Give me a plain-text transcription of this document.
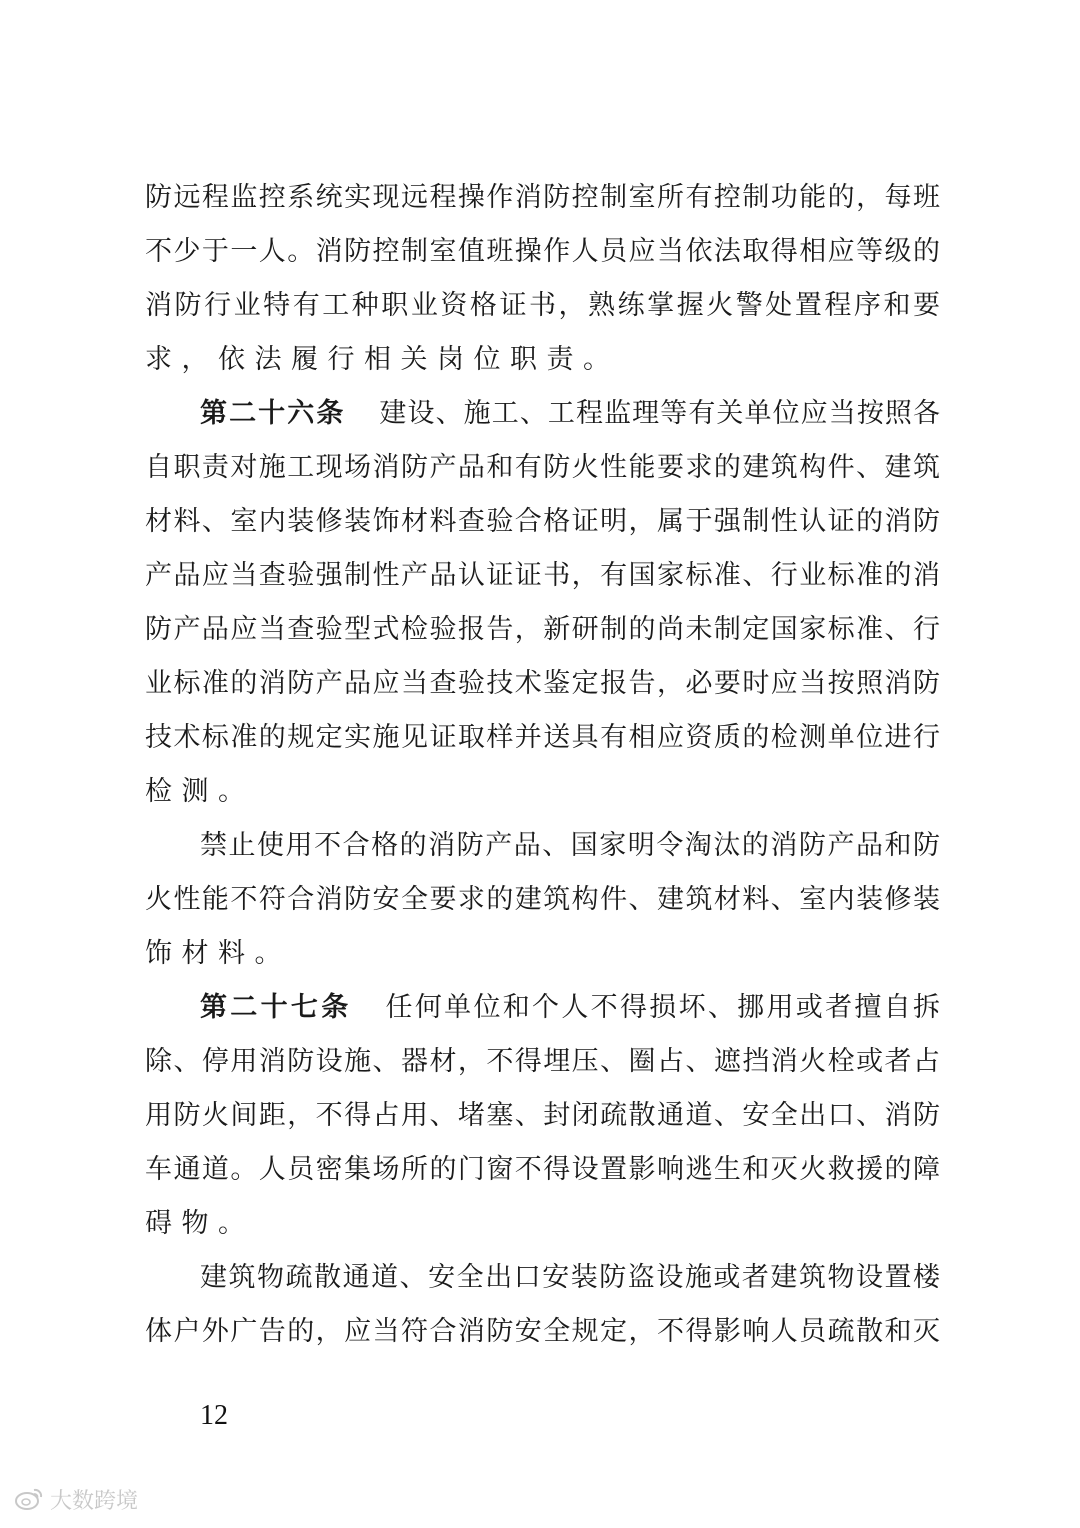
防远程监控系统实现远程操作消防控制室所有控制功能的，每班
不少于一人。消防控制室值班操作人员应当依法取得相应等级的
消防行业特有工种职业资格证书，熟练掌握火警处置程序和要
求，依法履行相关岗位职责。
第二十六条 建设、施工、工程监理等有关单位应当按照各
自职责对施工现场消防产品和有防火性能要求的建筑构件、建筑
材料、室内装修装饰材料查验合格证明，属于强制性认证的消防
产品应当查验强制性产品认证证书，有国家标准、行业标准的消
防产品应当查验型式检验报告，新研制的尚未制定国家标准、行
业标准的消防产品应当查验技术鉴定报告，必要时应当按照消防
技术标准的规定实施见证取样并送具有相应资质的检测单位进行
检测。
禁止使用不合格的消防产品、国家明令淘汰的消防产品和防
火性能不符合消防安全要求的建筑构件、建筑材料、室内装修装
饰材料。
第二十七条 任何单位和个人不得损坏、挪用或者擅自拆
除、停用消防设施、器材，不得埋压、圈占、遮挡消火栓或者占
用防火间距，不得占用、堵塞、封闭疏散通道、安全出口、消防
车通道。人员密集场所的门窗不得设置影响逃生和灭火救援的障
碍物。
建筑物疏散通道、安全出口安装防盗设施或者建筑物设置楼
体户外广告的，应当符合消防安全规定，不得影响人员疏散和灭
12
大数跨境
